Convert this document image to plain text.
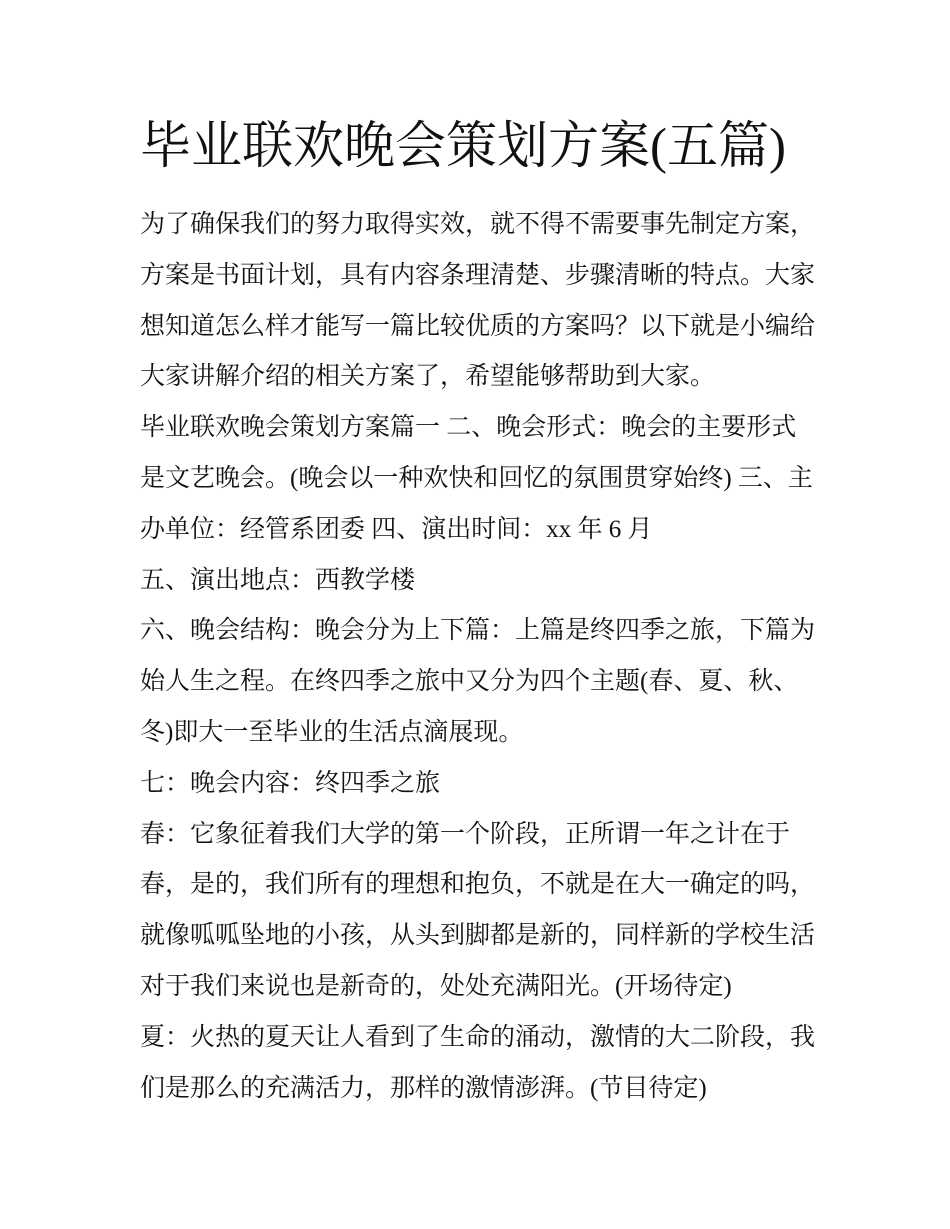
毕业联欢晚会策划方案(五篇)
为了确保我们的努力取得实效，就不得不需要事先制定方案，
方案是书面计划，具有内容条理清楚、步骤清晰的特点。大家
想知道怎么样才能写一篇比较优质的方案吗？以下就是小编给
大家讲解介绍的相关方案了，希望能够帮助到大家。
毕业联欢晚会策划方案篇一 二、晚会形式：晚会的主要形式
是文艺晚会。(晚会以一种欢快和回忆的氛围贯穿始终) 三、主
办单位：经管系团委 四、演出时间：xx 年 6 月
五、演出地点：西教学楼
六、晚会结构：晚会分为上下篇：上篇是终四季之旅，下篇为
始人生之程。在终四季之旅中又分为四个主题(春、夏、秋、
冬)即大一至毕业的生活点滴展现。
七：晚会内容：终四季之旅
春：它象征着我们大学的第一个阶段，正所谓一年之计在于
春，是的，我们所有的理想和抱负，不就是在大一确定的吗，
就像呱呱坠地的小孩，从头到脚都是新的，同样新的学校生活
对于我们来说也是新奇的，处处充满阳光。(开场待定)
夏：火热的夏天让人看到了生命的涌动，激情的大二阶段，我
们是那么的充满活力，那样的激情澎湃。(节目待定)
